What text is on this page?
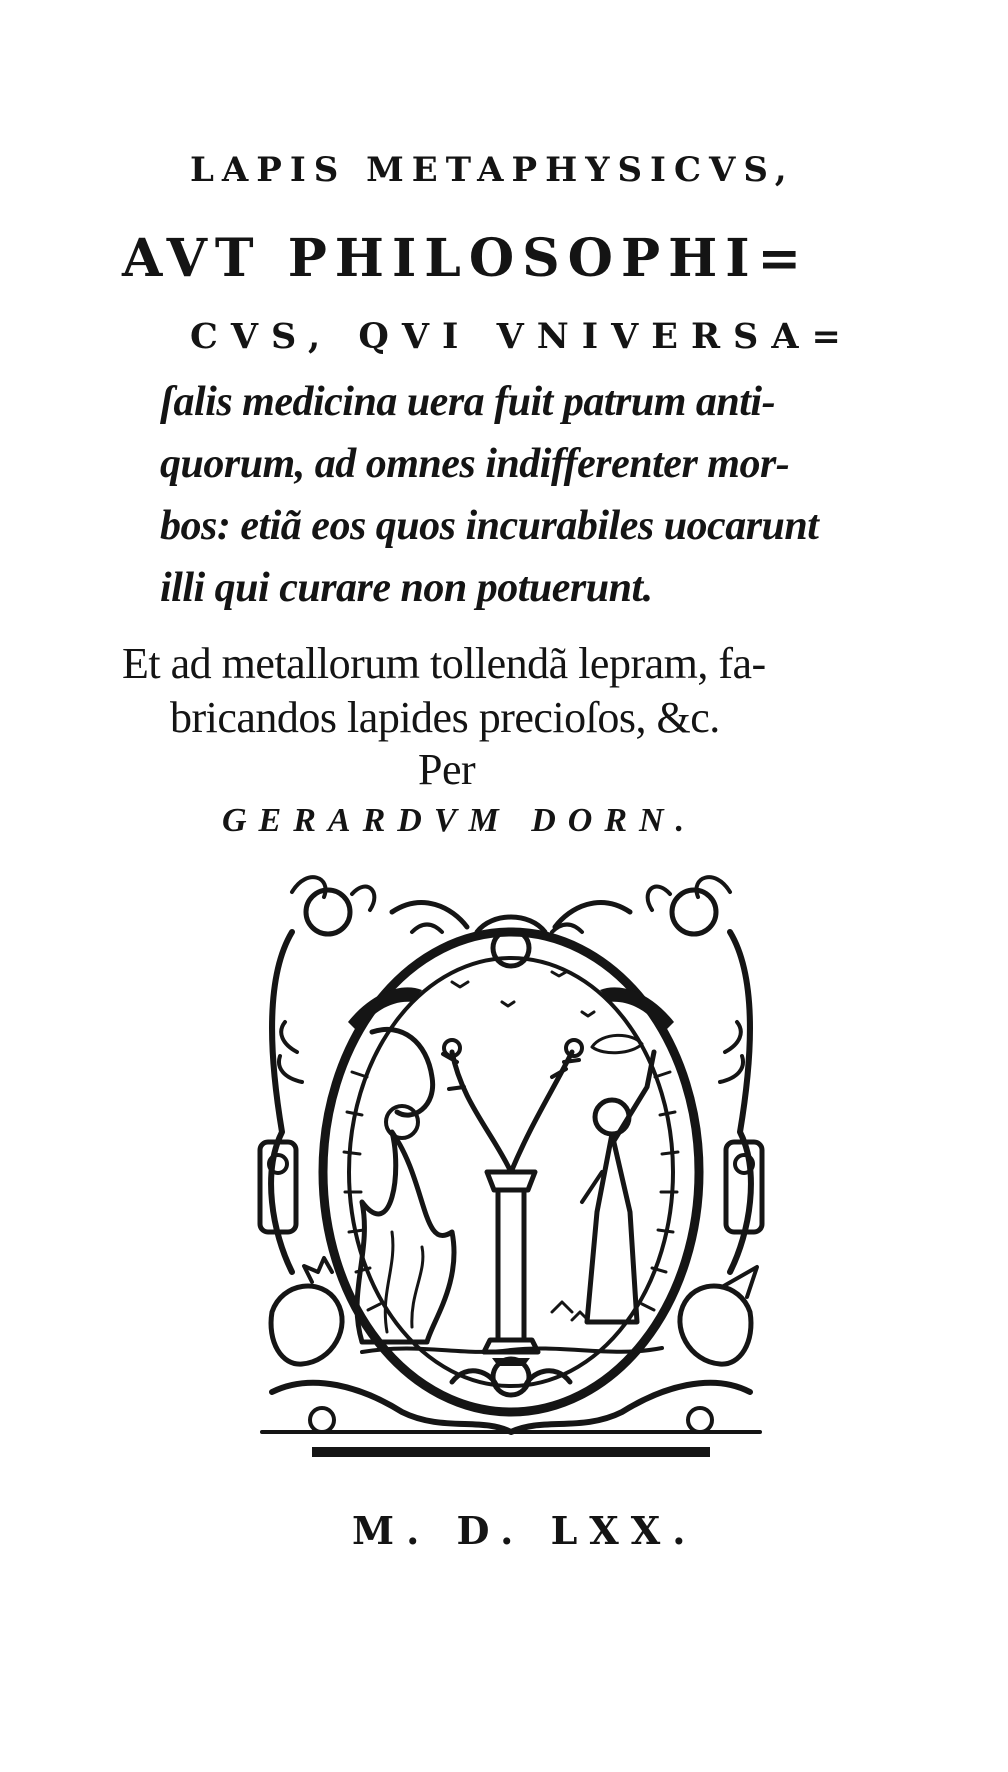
LAPIS METAPHYSICVS,
AVT PHILOSOPHI=
CVS, QVI VNIVERSA=
ſalis medicina uera fuit patrum anti-
quorum, ad omnes indifferenter mor-
bos: etiã eos quos incurabiles uocarunt
illi qui curare non potuerunt.
Et ad metallorum tollendã lepram, fa-
bricandos lapides precioſos, &c.
Per
GERARDVM DORN.
M. D. LXX.
